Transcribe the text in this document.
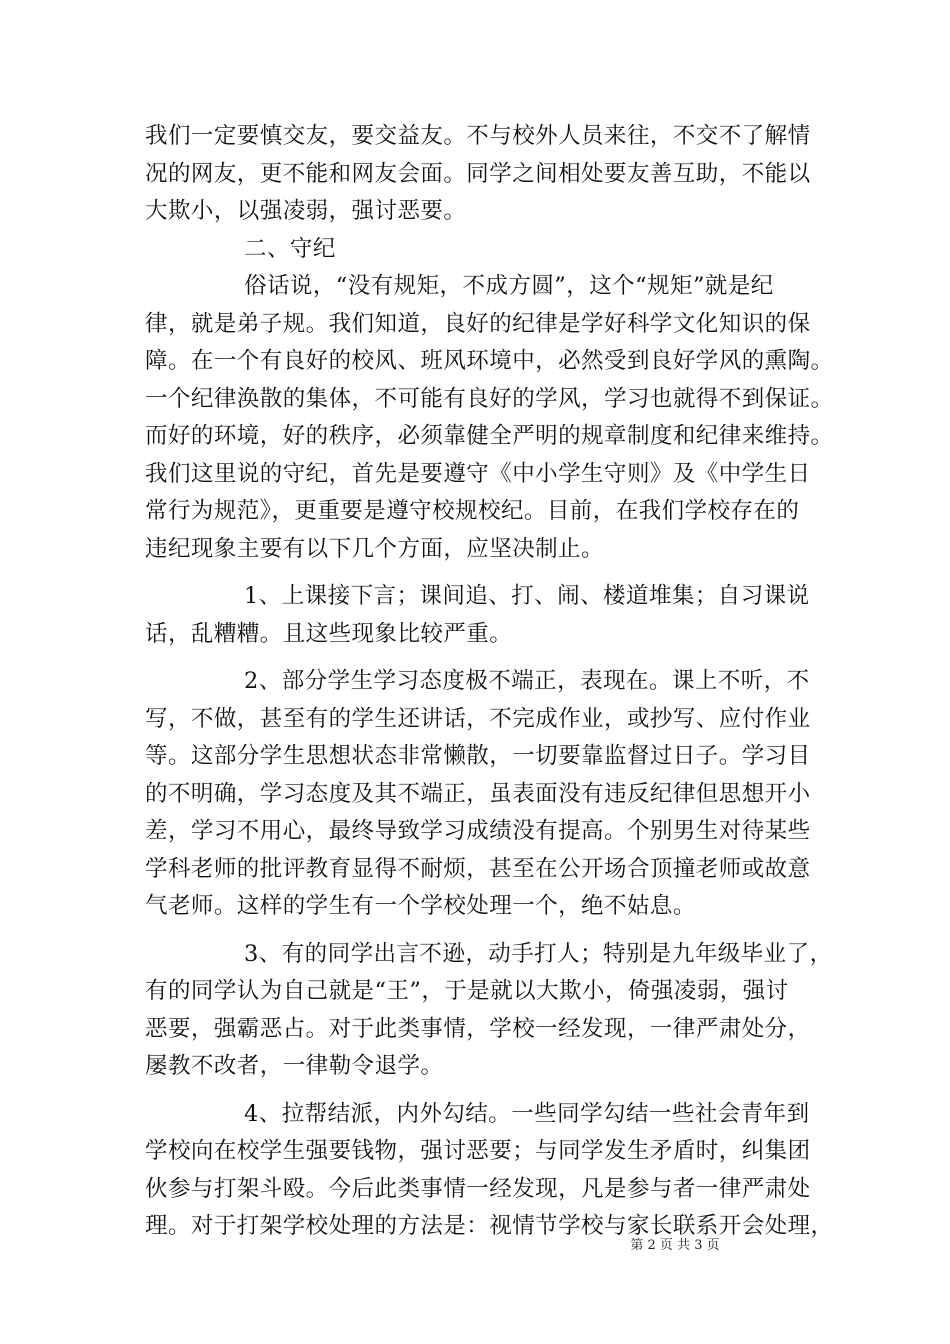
我们一定要慎交友，要交益友。不与校外人员来往，不交不了解情
况的网友，更不能和网友会面。同学之间相处要友善互助，不能以
大欺小，以强凌弱，强讨恶要。
二、守纪
俗话说，“没有规矩，不成方圆”，这个“规矩”就是纪
律，就是弟子规。我们知道，良好的纪律是学好科学文化知识的保
障。在一个有良好的校风、班风环境中，必然受到良好学风的熏陶。
一个纪律涣散的集体，不可能有良好的学风，学习也就得不到保证。
而好的环境，好的秩序，必须靠健全严明的规章制度和纪律来维持。
我们这里说的守纪，首先是要遵守《中小学生守则》及《中学生日
常行为规范》，更重要是遵守校规校纪。目前，在我们学校存在的
违纪现象主要有以下几个方面，应坚决制止。
1、上课接下言；课间追、打、闹、楼道堆集；自习课说
话，乱糟糟。且这些现象比较严重。
2、部分学生学习态度极不端正，表现在。课上不听，不
写，不做，甚至有的学生还讲话，不完成作业，或抄写、应付作业
等。这部分学生思想状态非常懒散，一切要靠监督过日子。学习目
的不明确，学习态度及其不端正，虽表面没有违反纪律但思想开小
差，学习不用心，最终导致学习成绩没有提高。个别男生对待某些
学科老师的批评教育显得不耐烦，甚至在公开场合顶撞老师或故意
气老师。这样的学生有一个学校处理一个，绝不姑息。
3、有的同学出言不逊，动手打人；特别是九年级毕业了，
有的同学认为自己就是“王”，于是就以大欺小，倚强凌弱，强讨
恶要，强霸恶占。对于此类事情，学校一经发现，一律严肃处分，
屡教不改者，一律勒令退学。
4、拉帮结派，内外勾结。一些同学勾结一些社会青年到
学校向在校学生强要钱物，强讨恶要；与同学发生矛盾时，纠集团
伙参与打架斗殴。今后此类事情一经发现，凡是参与者一律严肃处
理。对于打架学校处理的方法是：视情节学校与家长联系开会处理，
第 2 页 共 3 页
